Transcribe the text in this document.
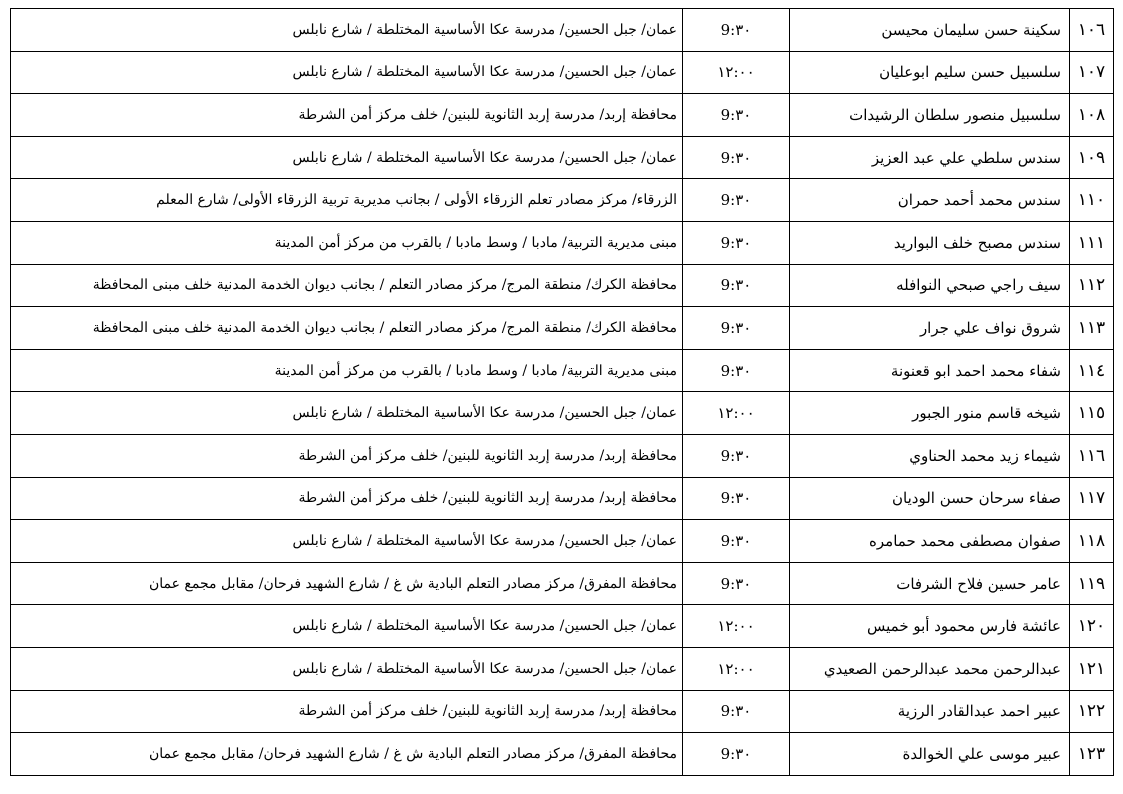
١٠٦	سكينة حسن سليمان محيسن	9:٣٠	عمان/ جبل الحسين/ مدرسة عكا الأساسية المختلطة / شارع نابلس
١٠٧	سلسبيل حسن سليم ابوعليان	١٢:٠٠	عمان/ جبل الحسين/ مدرسة عكا الأساسية المختلطة / شارع نابلس
١٠٨	سلسبيل منصور سلطان الرشيدات	9:٣٠	محافظة إربد/ مدرسة إربد الثانوية للبنين/ خلف مركز أمن الشرطة
١٠٩	سندس سلطي علي عبد العزيز	9:٣٠	عمان/ جبل الحسين/ مدرسة عكا الأساسية المختلطة / شارع نابلس
١١٠	سندس محمد أحمد حمران	9:٣٠	الزرقاء/ مركز مصادر تعلم الزرقاء الأولى / بجانب مديرية تربية الزرقاء الأولى/ شارع المعلم
١١١	سندس مصبح خلف البواريد	9:٣٠	مبنى مديرية التربية/ مادبا / وسط مادبا / بالقرب من مركز أمن المدينة
١١٢	سيف راجي صبحي النوافله	9:٣٠	محافظة الكرك/ منطقة المرج/ مركز مصادر التعلم / بجانب ديوان الخدمة المدنية خلف مبنى المحافظة
١١٣	شروق نواف علي جرار	9:٣٠	محافظة الكرك/ منطقة المرج/ مركز مصادر التعلم / بجانب ديوان الخدمة المدنية خلف مبنى المحافظة
١١٤	شفاء محمد احمد ابو قعنونة	9:٣٠	مبنى مديرية التربية/ مادبا / وسط مادبا / بالقرب من مركز أمن المدينة
١١٥	شيخه قاسم منور الجبور	١٢:٠٠	عمان/ جبل الحسين/ مدرسة عكا الأساسية المختلطة / شارع نابلس
١١٦	شيماء زيد محمد الحناوي	9:٣٠	محافظة إربد/ مدرسة إربد الثانوية للبنين/ خلف مركز أمن الشرطة
١١٧	صفاء سرحان حسن الوديان	9:٣٠	محافظة إربد/ مدرسة إربد الثانوية للبنين/ خلف مركز أمن الشرطة
١١٨	صفوان مصطفى محمد حمامره	9:٣٠	عمان/ جبل الحسين/ مدرسة عكا الأساسية المختلطة / شارع نابلس
١١٩	عامر حسين فلاح الشرفات	9:٣٠	محافظة المفرق/ مركز مصادر التعلم البادية ش غ / شارع الشهيد فرحان/ مقابل مجمع عمان
١٢٠	عائشة فارس محمود أبو خميس	١٢:٠٠	عمان/ جبل الحسين/ مدرسة عكا الأساسية المختلطة / شارع نابلس
١٢١	عبدالرحمن محمد عبدالرحمن الصعيدي	١٢:٠٠	عمان/ جبل الحسين/ مدرسة عكا الأساسية المختلطة / شارع نابلس
١٢٢	عبير احمد عبدالقادر الرزية	9:٣٠	محافظة إربد/ مدرسة إربد الثانوية للبنين/ خلف مركز أمن الشرطة
١٢٣	عبير موسى علي الخوالدة	9:٣٠	محافظة المفرق/ مركز مصادر التعلم البادية ش غ / شارع الشهيد فرحان/ مقابل مجمع عمان
